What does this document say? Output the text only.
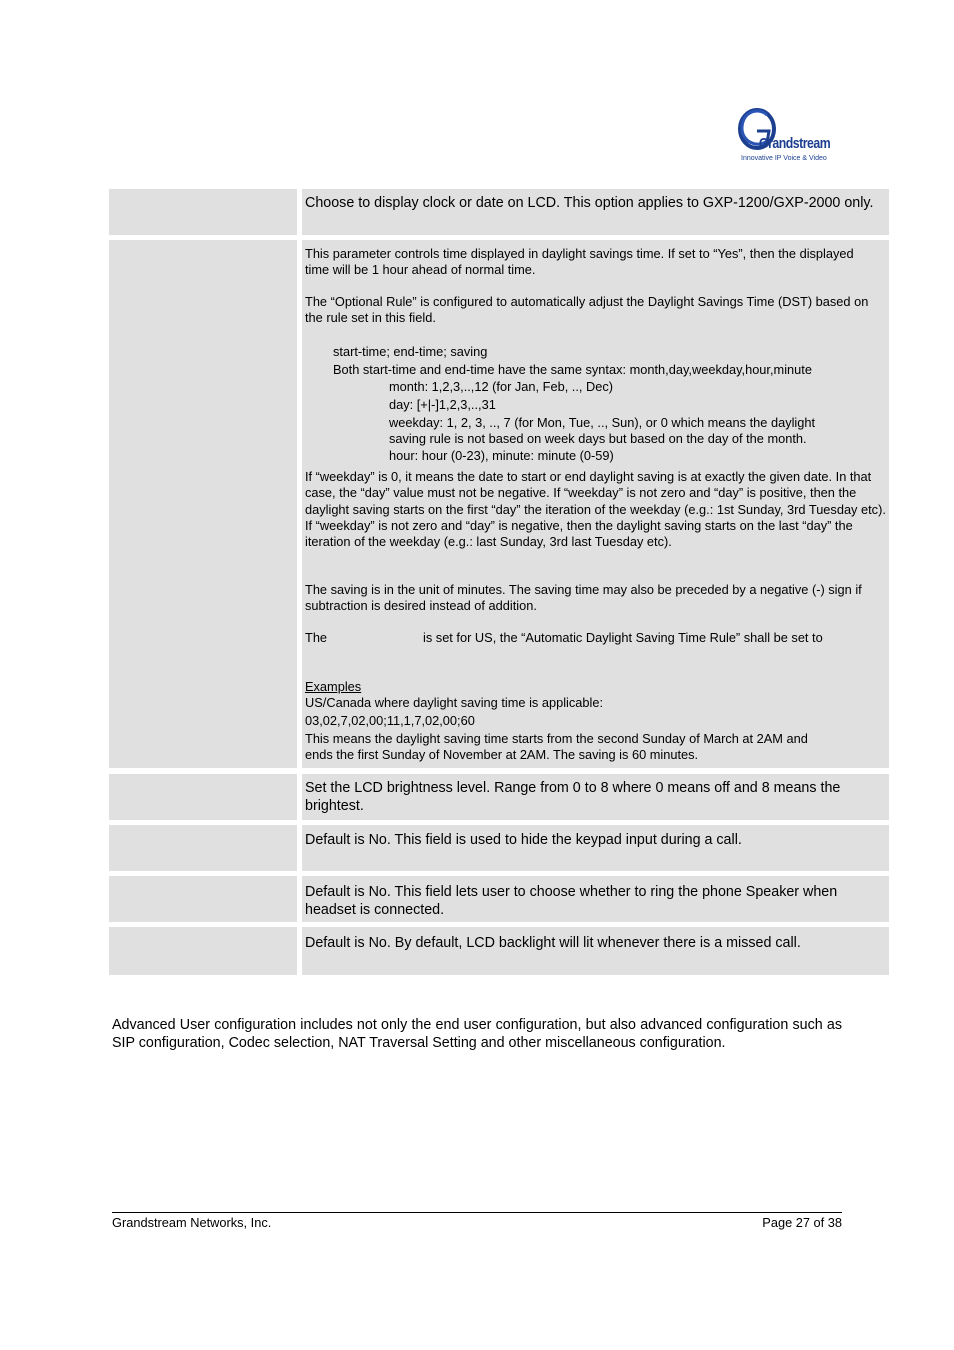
Grandstream
Innovative IP Voice & Video
Choose to display clock or date on LCD. This option applies to GXP-1200/GXP-2000 only.
This parameter controls time displayed in daylight savings time. If set to “Yes”, then the displayed time will be 1 hour ahead of normal time.
The “Optional Rule” is configured to automatically adjust the Daylight Savings Time (DST) based on the rule set in this field.
start-time; end-time; saving
Both start-time and end-time have the same syntax: month,day,weekday,hour,minute
month: 1,2,3,..,12 (for Jan, Feb, .., Dec)
day: [+|-]1,2,3,..,31
weekday: 1, 2, 3, .., 7 (for Mon, Tue, .., Sun), or 0 which means the daylight
saving rule is not based on week days but based on the day of the month.
hour: hour (0-23), minute: minute (0-59)
If “weekday” is 0, it means the date to start or end daylight saving is at exactly the given date. In that case, the “day” value must not be negative. If “weekday” is not zero and “day” is positive, then the daylight saving starts on the first “day” the iteration of the weekday (e.g.: 1st Sunday, 3rd Tuesday etc). If “weekday” is not zero and “day” is negative, then the daylight saving starts on the last “day” the iteration of the weekday (e.g.: last Sunday, 3rd last Tuesday etc).
The saving is in the unit of minutes. The saving time may also be preceded by a negative (-) sign if subtraction is desired instead of addition.
The	is set for US, the “Automatic Daylight Saving Time Rule” shall be set to
Examples
US/Canada where daylight saving time is applicable:
03,02,7,02,00;11,1,7,02,00;60
This means the daylight saving time starts from the second Sunday of March at 2AM and
ends the first Sunday of November at 2AM. The saving is 60 minutes.
Set the LCD brightness level. Range from 0 to 8 where 0 means off and 8 means the brightest.
Default is No. This field is used to hide the keypad input during a call.
Default is No. This field lets user to choose whether to ring the phone Speaker when headset is connected.
Default is No. By default, LCD backlight will lit whenever there is a missed call.
Advanced User configuration includes not only the end user configuration, but also advanced configuration such as SIP configuration, Codec selection, NAT Traversal Setting and other miscellaneous configuration.
Grandstream Networks, Inc.	Page 27 of 38
